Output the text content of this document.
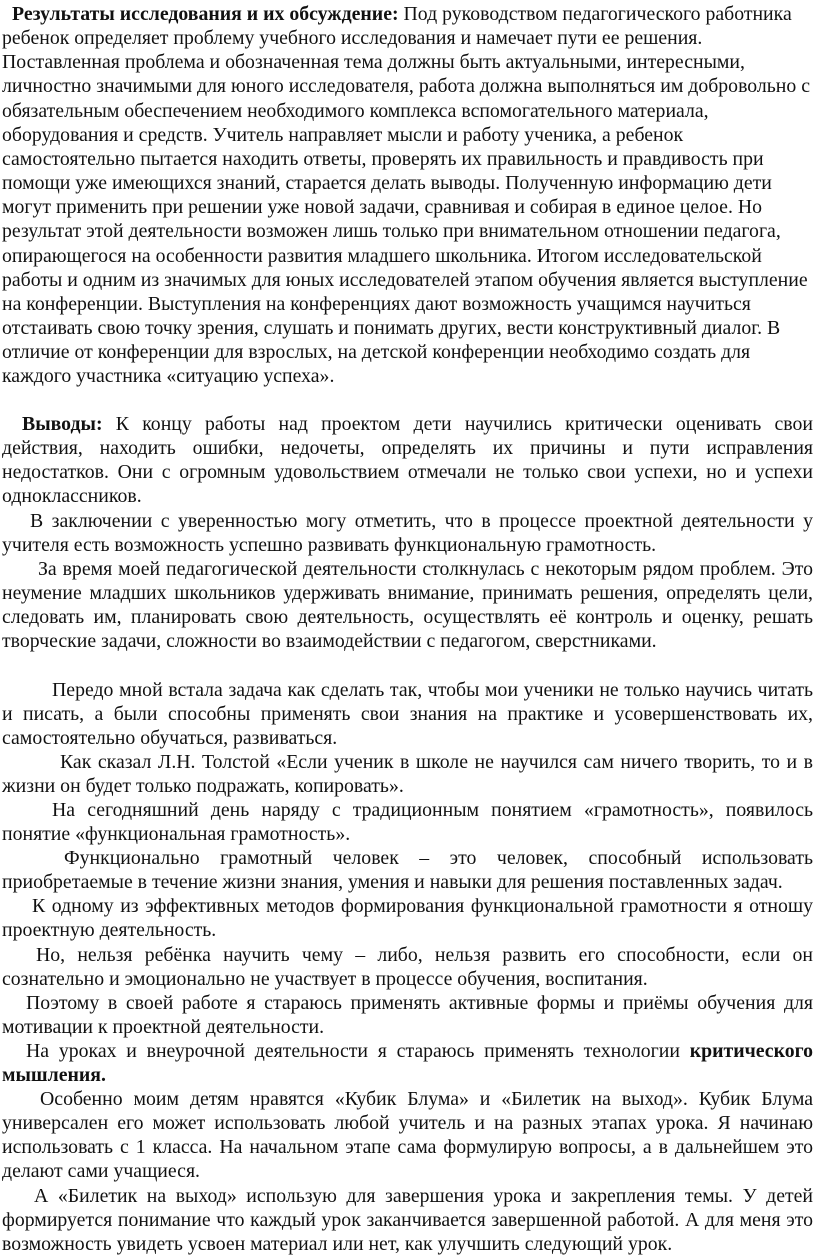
Результаты исследования и их обсуждение: Под руководством педагогического работника ребенок определяет проблему учебного исследования и намечает пути ее решения. Поставленная проблема и обозначенная тема должны быть актуальными, интересными, личностно значимыми для юного исследователя, работа должна выполняться им добровольно с обязательным обеспечением необходимого комплекса вспомогательного материала, оборудования и средств. Учитель направляет мысли и работу ученика, а ребенок самостоятельно пытается находить ответы, проверять их правильность и правдивость при помощи уже имеющихся знаний, старается делать выводы. Полученную информацию дети могут применить при решении уже новой задачи, сравнивая и собирая в единое целое. Но результат этой деятельности возможен лишь только при внимательном отношении педагога, опирающегося на особенности развития младшего школьника. Итогом исследовательской работы и одним из значимых для юных исследователей этапом обучения является выступление на конференции. Выступления на конференциях дают возможность учащимся научиться отстаивать свою точку зрения, слушать и понимать других, вести конструктивный диалог. В отличие от конференции для взрослых, на детской конференции необходимо создать для каждого участника «ситуацию успеха».

Выводы: К концу работы над проектом дети научились критически оценивать свои действия, находить ошибки, недочеты, определять их причины и пути исправления недостатков. Они с огромным удовольствием отмечали не только свои успехи, но и успехи одноклассников.

В заключении с уверенностью могу отметить, что в процессе проектной деятельности у учителя есть возможность успешно развивать функциональную грамотность.

За время моей педагогической деятельности столкнулась с некоторым рядом проблем. Это неумение младших школьников удерживать внимание, принимать решения, определять цели, следовать им, планировать свою деятельность, осуществлять её контроль и оценку, решать творческие задачи, сложности во взаимодействии с педагогом, сверстниками.

Передо мной встала задача как сделать так, чтобы мои ученики не только научись читать и писать, а были способны применять свои знания на практике и усовершенствовать их, самостоятельно обучаться, развиваться.

Как сказал Л.Н. Толстой «Если ученик в школе не научился сам ничего творить, то и в жизни он будет только подражать, копировать».

На сегодняшний день наряду с традиционным понятием «грамотность», появилось понятие «функциональная грамотность».

Функционально грамотный человек – это человек, способный использовать приобретаемые в течение жизни знания, умения и навыки для решения поставленных задач.

К одному из эффективных методов формирования функциональной грамотности я отношу проектную деятельность.

Но, нельзя ребёнка научить чему – либо, нельзя развить его способности, если он сознательно и эмоционально не участвует в процессе обучения, воспитания.

Поэтому в своей работе я стараюсь применять активные формы и приёмы обучения для мотивации к проектной деятельности.

На уроках и внеурочной деятельности я стараюсь применять технологии критического мышления.

Особенно моим детям нравятся «Кубик Блума» и «Билетик на выход». Кубик Блума универсален его может использовать любой учитель и на разных этапах урока. Я начинаю использовать с 1 класса. На начальном этапе сама формулирую вопросы, а в дальнейшем это делают сами учащиеся.

А «Билетик на выход» использую для завершения урока и закрепления темы. У детей формируется понимание что каждый урок заканчивается завершенной работой. А для меня это возможность увидеть усвоен материал или нет, как улучшить следующий урок.
